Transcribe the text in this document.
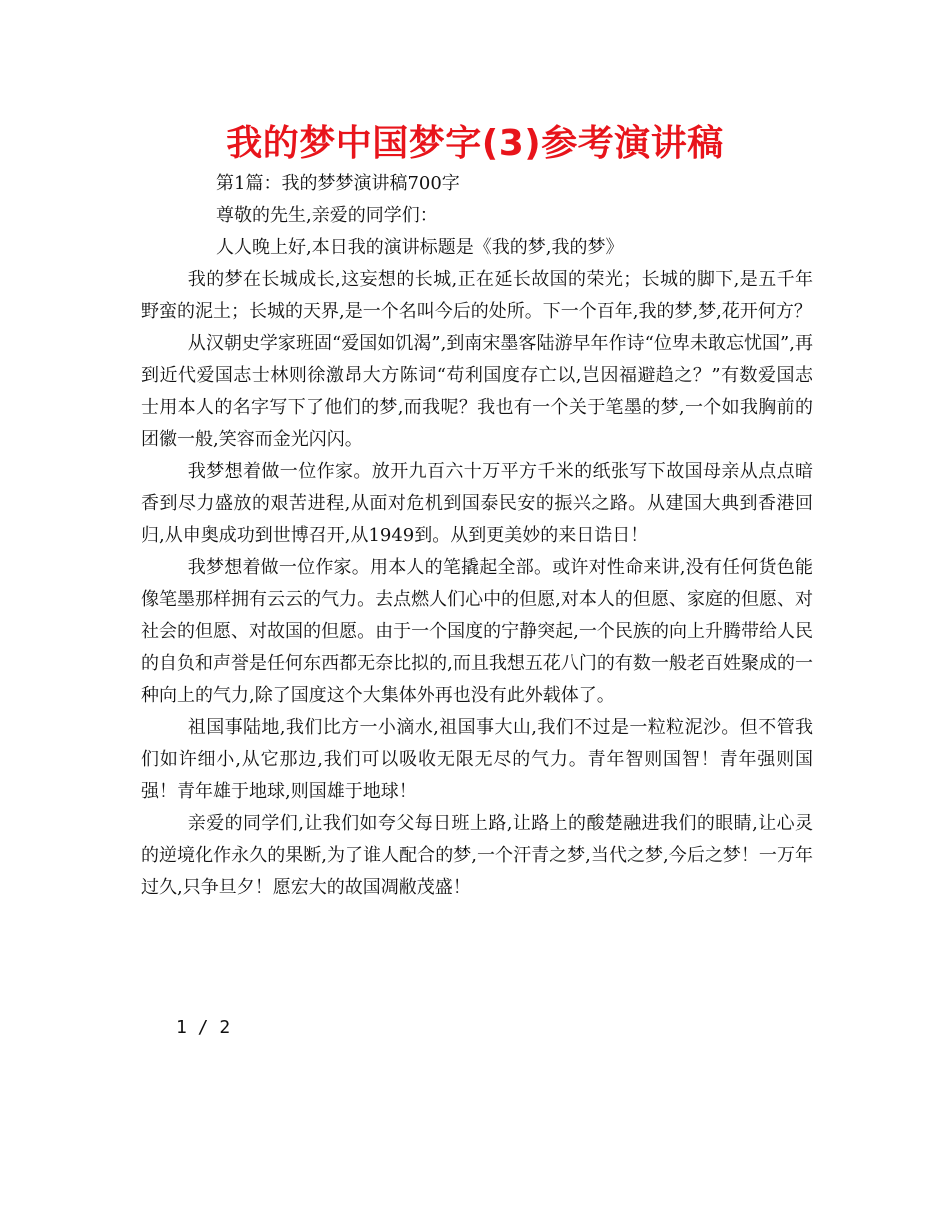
我的梦中国梦字(3)参考演讲稿

第1篇：我的梦梦演讲稿700字

尊敬的先生,亲爱的同学们：

人人晚上好,本日我的演讲标题是《我的梦,我的梦》

我的梦在长城成长,这妄想的长城,正在延长故国的荣光；长城的脚下,是五千年野蛮的泥土；长城的天界,是一个名叫今后的处所。下一个百年,我的梦,梦,花开何方？

从汉朝史学家班固“爱国如饥渴”,到南宋墨客陆游早年作诗“位卑未敢忘忧国”,再到近代爱国志士林则徐激昂大方陈词“苟利国度存亡以,岂因福避趋之？”有数爱国志士用本人的名字写下了他们的梦,而我呢？我也有一个关于笔墨的梦,一个如我胸前的团徽一般,笑容而金光闪闪。

我梦想着做一位作家。放开九百六十万平方千米的纸张写下故国母亲从点点暗香到尽力盛放的艰苦进程,从面对危机到国泰民安的振兴之路。从建国大典到香港回归,从申奥成功到世博召开,从1949到。从到更美妙的来日诰日！

我梦想着做一位作家。用本人的笔撬起全部。或许对性命来讲,没有任何货色能像笔墨那样拥有云云的气力。去点燃人们心中的但愿,对本人的但愿、家庭的但愿、对社会的但愿、对故国的但愿。由于一个国度的宁静突起,一个民族的向上升腾带给人民的自负和声誉是任何东西都无奈比拟的,而且我想五花八门的有数一般老百姓聚成的一种向上的气力,除了国度这个大集体外再也没有此外载体了。

祖国事陆地,我们比方一小滴水,祖国事大山,我们不过是一粒粒泥沙。但不管我们如许细小,从它那边,我们可以吸收无限无尽的气力。青年智则国智！青年强则国强！青年雄于地球,则国雄于地球！

亲爱的同学们,让我们如夸父每日班上路,让路上的酸楚融进我们的眼睛,让心灵的逆境化作永久的果断,为了谁人配合的梦,一个汗青之梦,当代之梦,今后之梦！一万年过久,只争旦夕！愿宏大的故国凋敝茂盛！

1 / 2
